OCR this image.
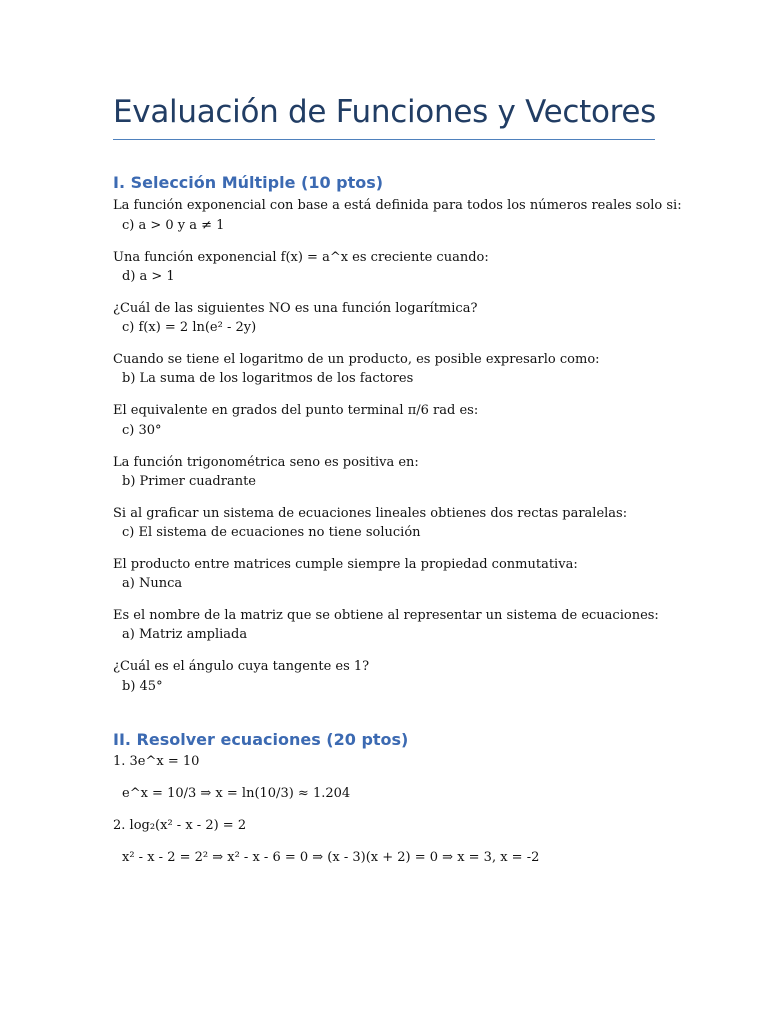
Evaluación de Funciones y Vectores
I. Selección Múltiple (10 ptos)
La función exponencial con base a está definida para todos los números reales solo si:
c) a > 0 y a ≠ 1
Una función exponencial f(x) = a^x es creciente cuando:
d) a > 1
¿Cuál de las siguientes NO es una función logarítmica?
c) f(x) = 2 ln(e² - 2y)
Cuando se tiene el logaritmo de un producto, es posible expresarlo como:
b) La suma de los logaritmos de los factores
El equivalente en grados del punto terminal π/6 rad es:
c) 30°
La función trigonométrica seno es positiva en:
b) Primer cuadrante
Si al graficar un sistema de ecuaciones lineales obtienes dos rectas paralelas:
c) El sistema de ecuaciones no tiene solución
El producto entre matrices cumple siempre la propiedad conmutativa:
a) Nunca
Es el nombre de la matriz que se obtiene al representar un sistema de ecuaciones:
a) Matriz ampliada
¿Cuál es el ángulo cuya tangente es 1?
b) 45°
II. Resolver ecuaciones (20 ptos)
1. 3e^x = 10
e^x = 10/3 ⇒ x = ln(10/3) ≈ 1.204
2. log₂(x² - x - 2) = 2
x² - x - 2 = 2² ⇒ x² - x - 6 = 0 ⇒ (x - 3)(x + 2) = 0 ⇒ x = 3, x = -2
